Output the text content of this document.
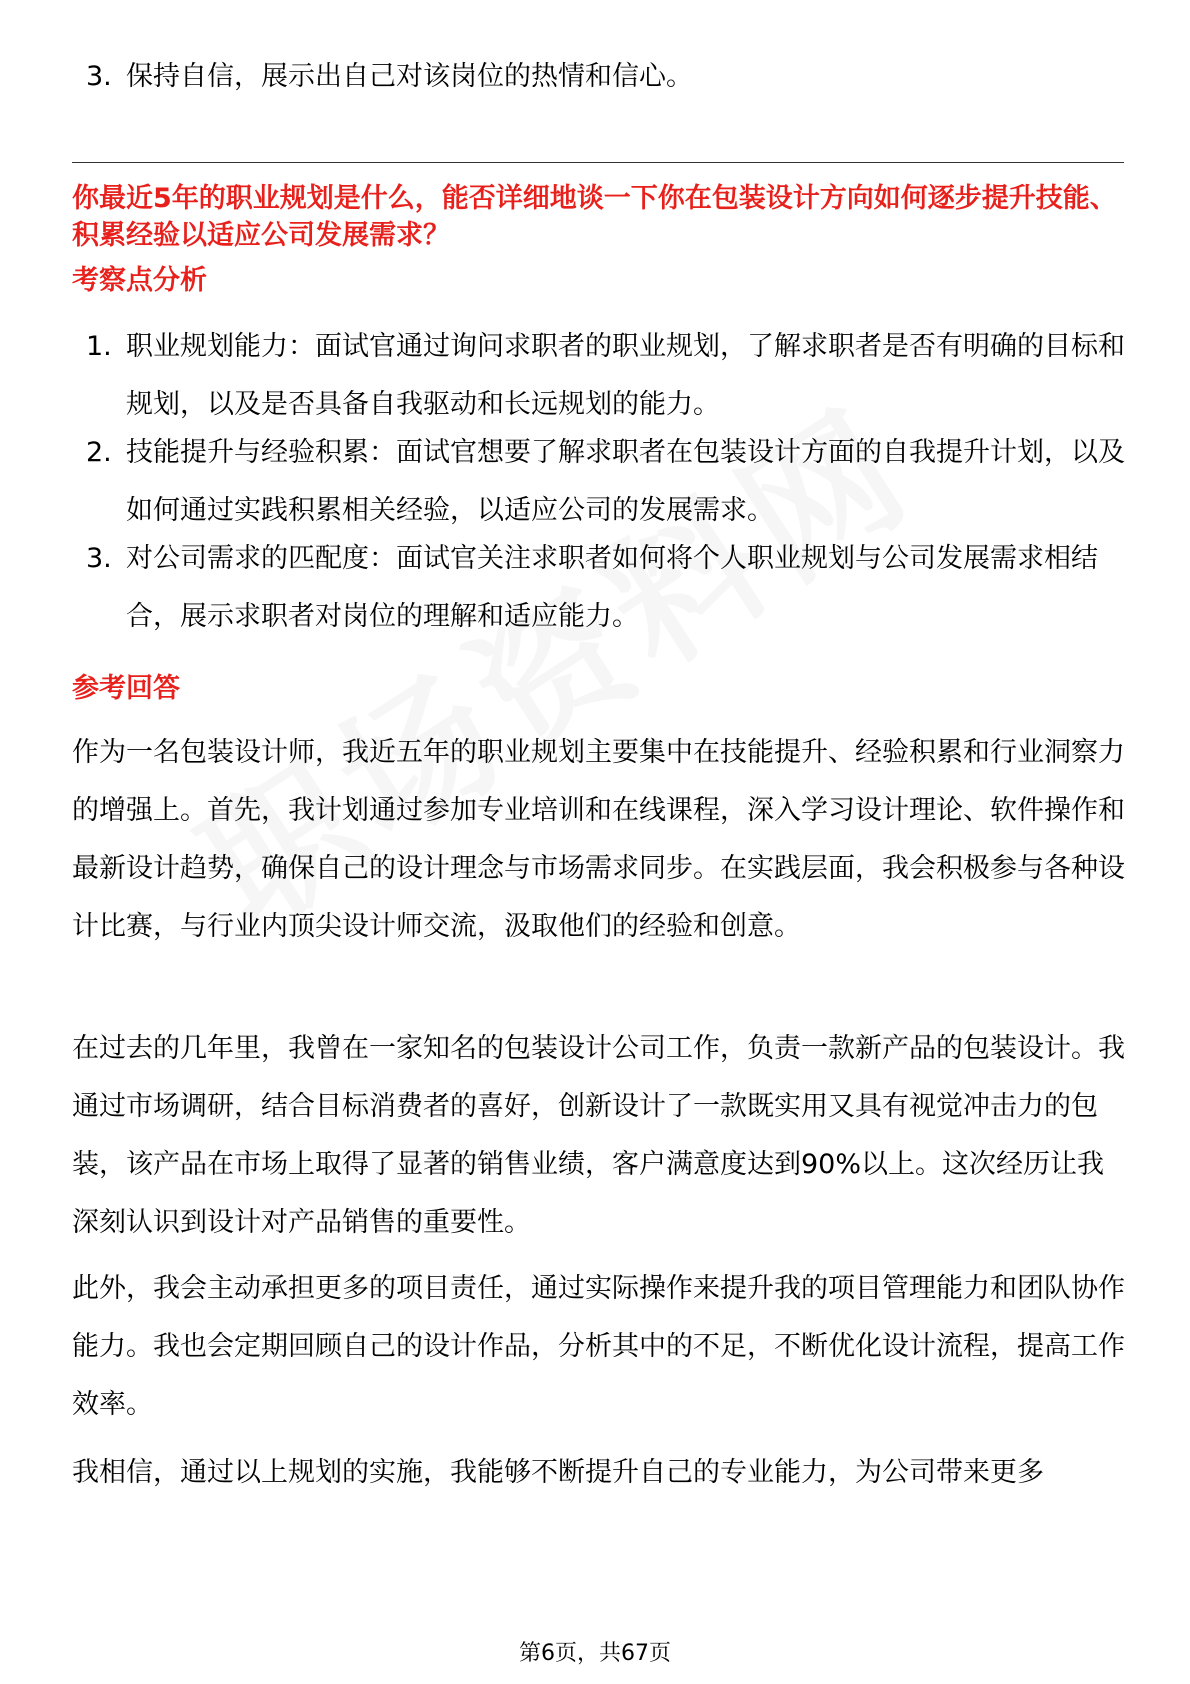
3. 保持自信，展示出自己对该岗位的热情和信心。
你最近5年的职业规划是什么，能否详细地谈一下你在包装设计方向如何逐步提升技能、积累经验以适应公司发展需求？
考察点分析
1. 职业规划能力：面试官通过询问求职者的职业规划，了解求职者是否有明确的目标和规划，以及是否具备自我驱动和长远规划的能力。
2. 技能提升与经验积累：面试官想要了解求职者在包装设计方面的自我提升计划，以及如何通过实践积累相关经验，以适应公司的发展需求。
3. 对公司需求的匹配度：面试官关注求职者如何将个人职业规划与公司发展需求相结合，展示求职者对岗位的理解和适应能力。
参考回答
作为一名包装设计师，我近五年的职业规划主要集中在技能提升、经验积累和行业洞察力的增强上。首先，我计划通过参加专业培训和在线课程，深入学习设计理论、软件操作和最新设计趋势，确保自己的设计理念与市场需求同步。在实践层面，我会积极参与各种设计比赛，与行业内顶尖设计师交流，汲取他们的经验和创意。
在过去的几年里，我曾在一家知名的包装设计公司工作，负责一款新产品的包装设计。我通过市场调研，结合目标消费者的喜好，创新设计了一款既实用又具有视觉冲击力的包装，该产品在市场上取得了显著的销售业绩，客户满意度达到90%以上。这次经历让我深刻认识到设计对产品销售的重要性。
此外，我会主动承担更多的项目责任，通过实际操作来提升我的项目管理能力和团队协作能力。我也会定期回顾自己的设计作品，分析其中的不足，不断优化设计流程，提高工作效率。
我相信，通过以上规划的实施，我能够不断提升自己的专业能力，为公司带来更多
第6页，共67页
